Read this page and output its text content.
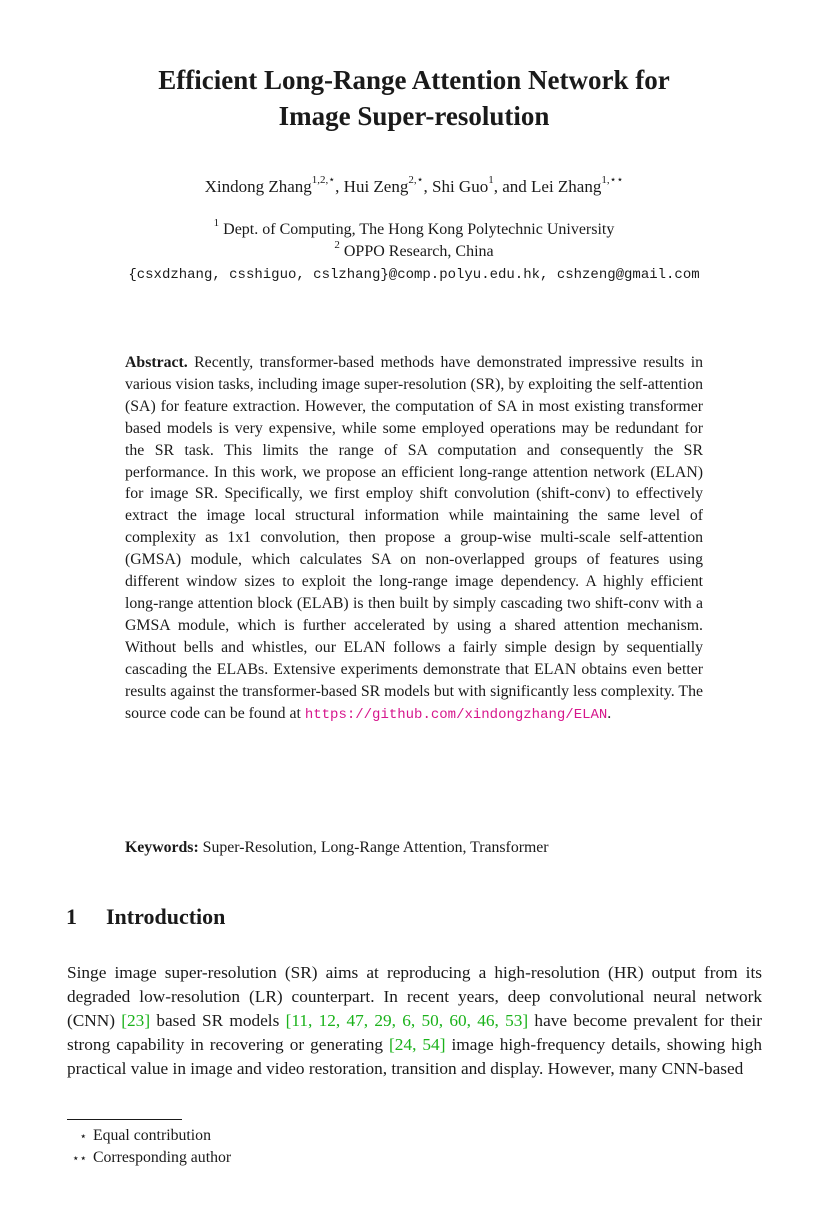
Efficient Long-Range Attention Network for
Image Super-resolution
Xindong Zhang$^{1,2,⋆}$, Hui Zeng$^{2,⋆}$, Shi Guo$^1$, and Lei Zhang$^{1,⋆⋆}$
$^1$ Dept. of Computing, The Hong Kong Polytechnic University
$^2$ OPPO Research, China
{csxdzhang, csshiguo, cslzhang}@comp.polyu.edu.hk, cshzeng@gmail.com
Abstract. Recently, transformer-based methods have demonstrated impressive results in various vision tasks, including image super-resolution (SR), by exploiting the self-attention (SA) for feature extraction. However, the computation of SA in most existing transformer based models is very expensive, while some employed operations may be redundant for the SR task. This limits the range of SA computation and consequently the SR performance. In this work, we propose an efficient long-range attention network (ELAN) for image SR. Specifically, we first employ shift convolution (shift-conv) to effectively extract the image local structural information while maintaining the same level of complexity as 1x1 convolution, then propose a group-wise multi-scale self-attention (GMSA) module, which calculates SA on non-overlapped groups of features using different window sizes to exploit the long-range image dependency. A highly efficient long-range attention block (ELAB) is then built by simply cascading two shift-conv with a GMSA module, which is further accelerated by using a shared attention mechanism. Without bells and whistles, our ELAN follows a fairly simple design by sequentially cascading the ELABs. Extensive experiments demonstrate that ELAN obtains even better results against the transformer-based SR models but with significantly less complexity. The source code can be found at https://github.com/xindongzhang/ELAN.
Keywords: Super-Resolution, Long-Range Attention, Transformer
1 Introduction
Singe image super-resolution (SR) aims at reproducing a high-resolution (HR) output from its degraded low-resolution (LR) counterpart. In recent years, deep convolutional neural network (CNN) [23] based SR models [11, 12, 47, 29, 6, 50, 60, 46, 53] have become prevalent for their strong capability in recovering or generating [24, 54] image high-frequency details, showing high practical value in image and video restoration, transition and display. However, many CNN-based
⋆ Equal contribution
⋆⋆ Corresponding author
